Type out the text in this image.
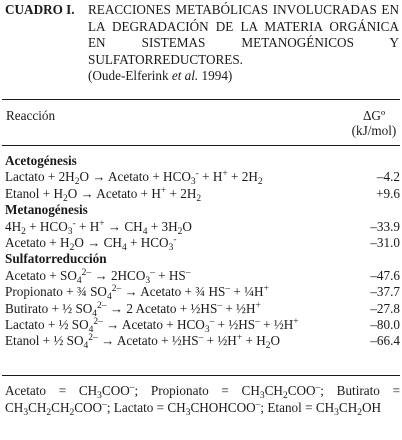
CUADRO I. REACCIONES METABÓLICAS INVOLUCRADAS EN LA DEGRADACIÓN DE LA MATERIA ORGÁNICA EN SISTEMAS METANOGÉNICOS Y SULFATORREDUCTORES.
(Oude-Elferink et al. 1994)
Reacción	ΔGº
(kJ/mol)
Acetogénesis
Lactato + $2H_2O$ → Acetato + $HCO_3^- + H^+ + 2H_2$	–4.2
Etanol + $H_2O$ → Acetato + $H^+ + 2H_2$	+9.6
Metanogénesis
$4H_2 + HCO_3^- + H^+ \to CH_4 + 3H_2O$	–33.9
Acetato + $H_2O \to CH_4 + HCO_3^-$	–31.0
Sulfatorreducción
Acetato + $SO_4^{2-} \to 2HCO_3^- + HS^-$	–47.6
Propionato + ¾ $SO_4^{2-}$ → Acetato + ¾ HS– + ¼H+	–37.7
Butirato + ½ $SO_4^{2-} \to 2$ Acetato + ½HS– + ½H+	–27.8
Lactato + ½ $SO_4^{2-}$ → Acetato + $HCO_3^-$ + ½HS– + ½H+	–80.0
Etanol + ½ $SO_4^{2-}$ → Acetato + ½HS– + ½H+ + $H_2O$	–66.4
Acetato = $CH_3COO^-$; Propionato = $CH_3CH_2COO^-$; Butirato = $CH_3CH_2CH_2COO^-$; Lactato = $CH_3CHOHCOO^-$; Etanol = $CH_3CH_2OH$
